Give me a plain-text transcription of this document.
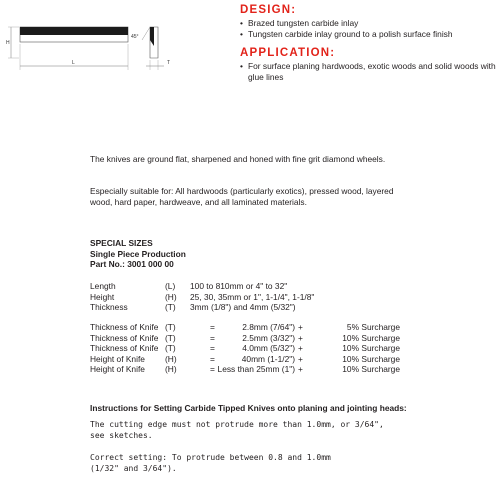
H
L
45°
T
DESIGN:
• Brazed tungsten carbide inlay
• Tungsten carbide inlay ground to a polish surface finish
APPLICATION:
• For surface planing hardwoods, exotic woods and solid woods with glue lines
The knives are ground flat, sharpened and honed with fine grit diamond wheels.
Especially suitable for: All hardwoods (particularly exotics), pressed wood, layered wood, hard paper, hardweave, and all laminated materials.
SPECIAL SIZES
Single Piece Production
Part No.: 3001 000 00
Length	(L) 100 to 810mm or 4" to 32"
Height	(H) 25, 30, 35mm or 1", 1-1/4", 1-1/8"
Thickness	(T) 3mm (1/8") and 4mm (5/32")
Thickness of Knife (T)	=	2.8mm (7/64") +	5% Surcharge
Thickness of Knife (T)	=	2.5mm (3/32") +	10% Surcharge
Thickness of Knife (T)	=	4.0mm (5/32") +	10% Surcharge
Height of Knife (H)	=	40mm (1-1/2") +	10% Surcharge
Height of Knife (H)	= Less than 25mm (1") +	10% Surcharge
Instructions for Setting Carbide Tipped Knives onto planing and jointing heads:
The cutting edge must not protrude more than 1.0mm, or 3/64",
see sketches.
Correct setting: To protrude between 0.8 and 1.0mm
(1/32" and 3/64").
